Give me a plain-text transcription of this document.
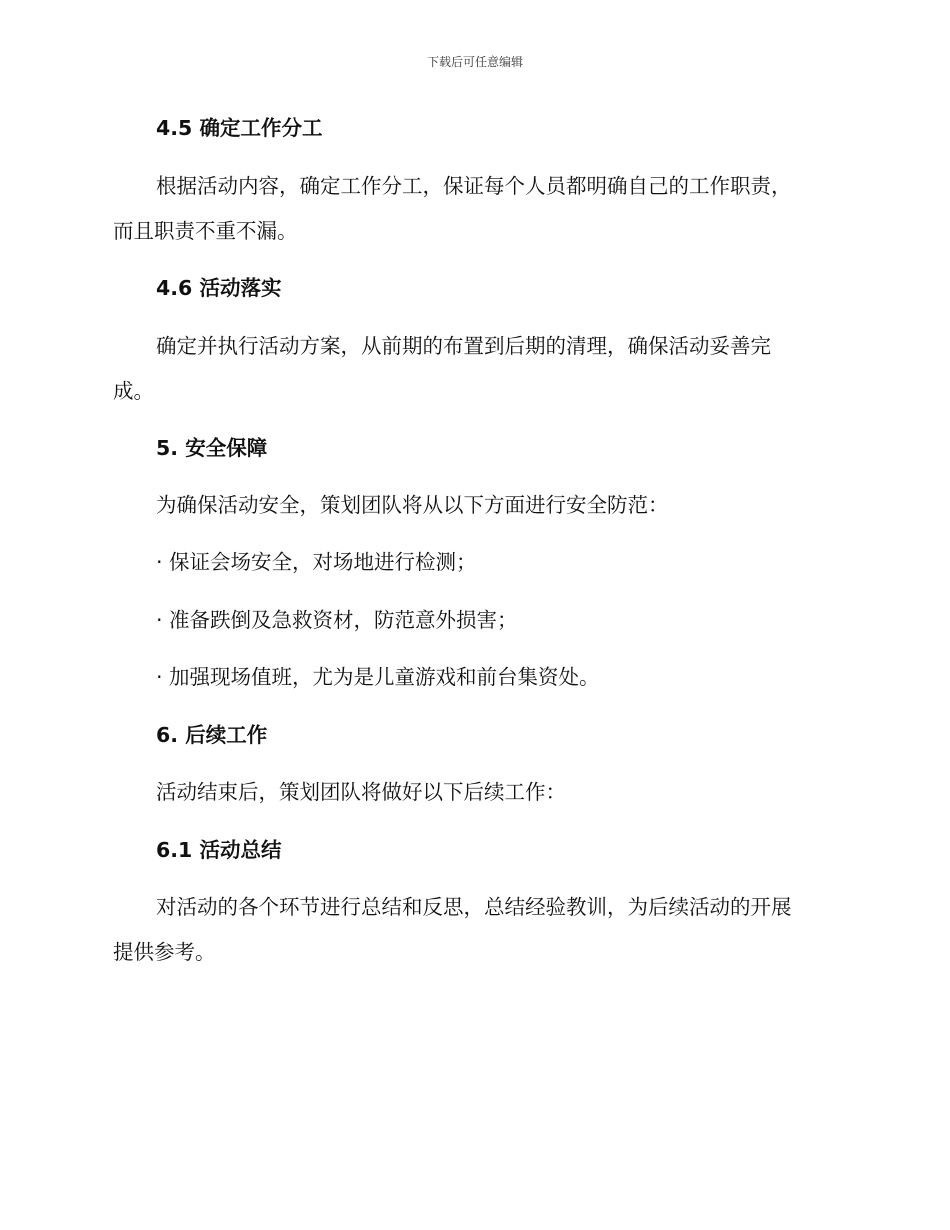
下载后可任意编辑
4.5 确定工作分工
根据活动内容，确定工作分工，保证每个人员都明确自己的工作职责，
而且职责不重不漏。
4.6 活动落实
确定并执行活动方案，从前期的布置到后期的清理，确保活动妥善完
成。
5. 安全保障
为确保活动安全，策划团队将从以下方面进行安全防范：
· 保证会场安全，对场地进行检测；
· 准备跌倒及急救资材，防范意外损害；
· 加强现场值班，尤为是儿童游戏和前台集资处。
6. 后续工作
活动结束后，策划团队将做好以下后续工作：
6.1 活动总结
对活动的各个环节进行总结和反思，总结经验教训，为后续活动的开展
提供参考。
